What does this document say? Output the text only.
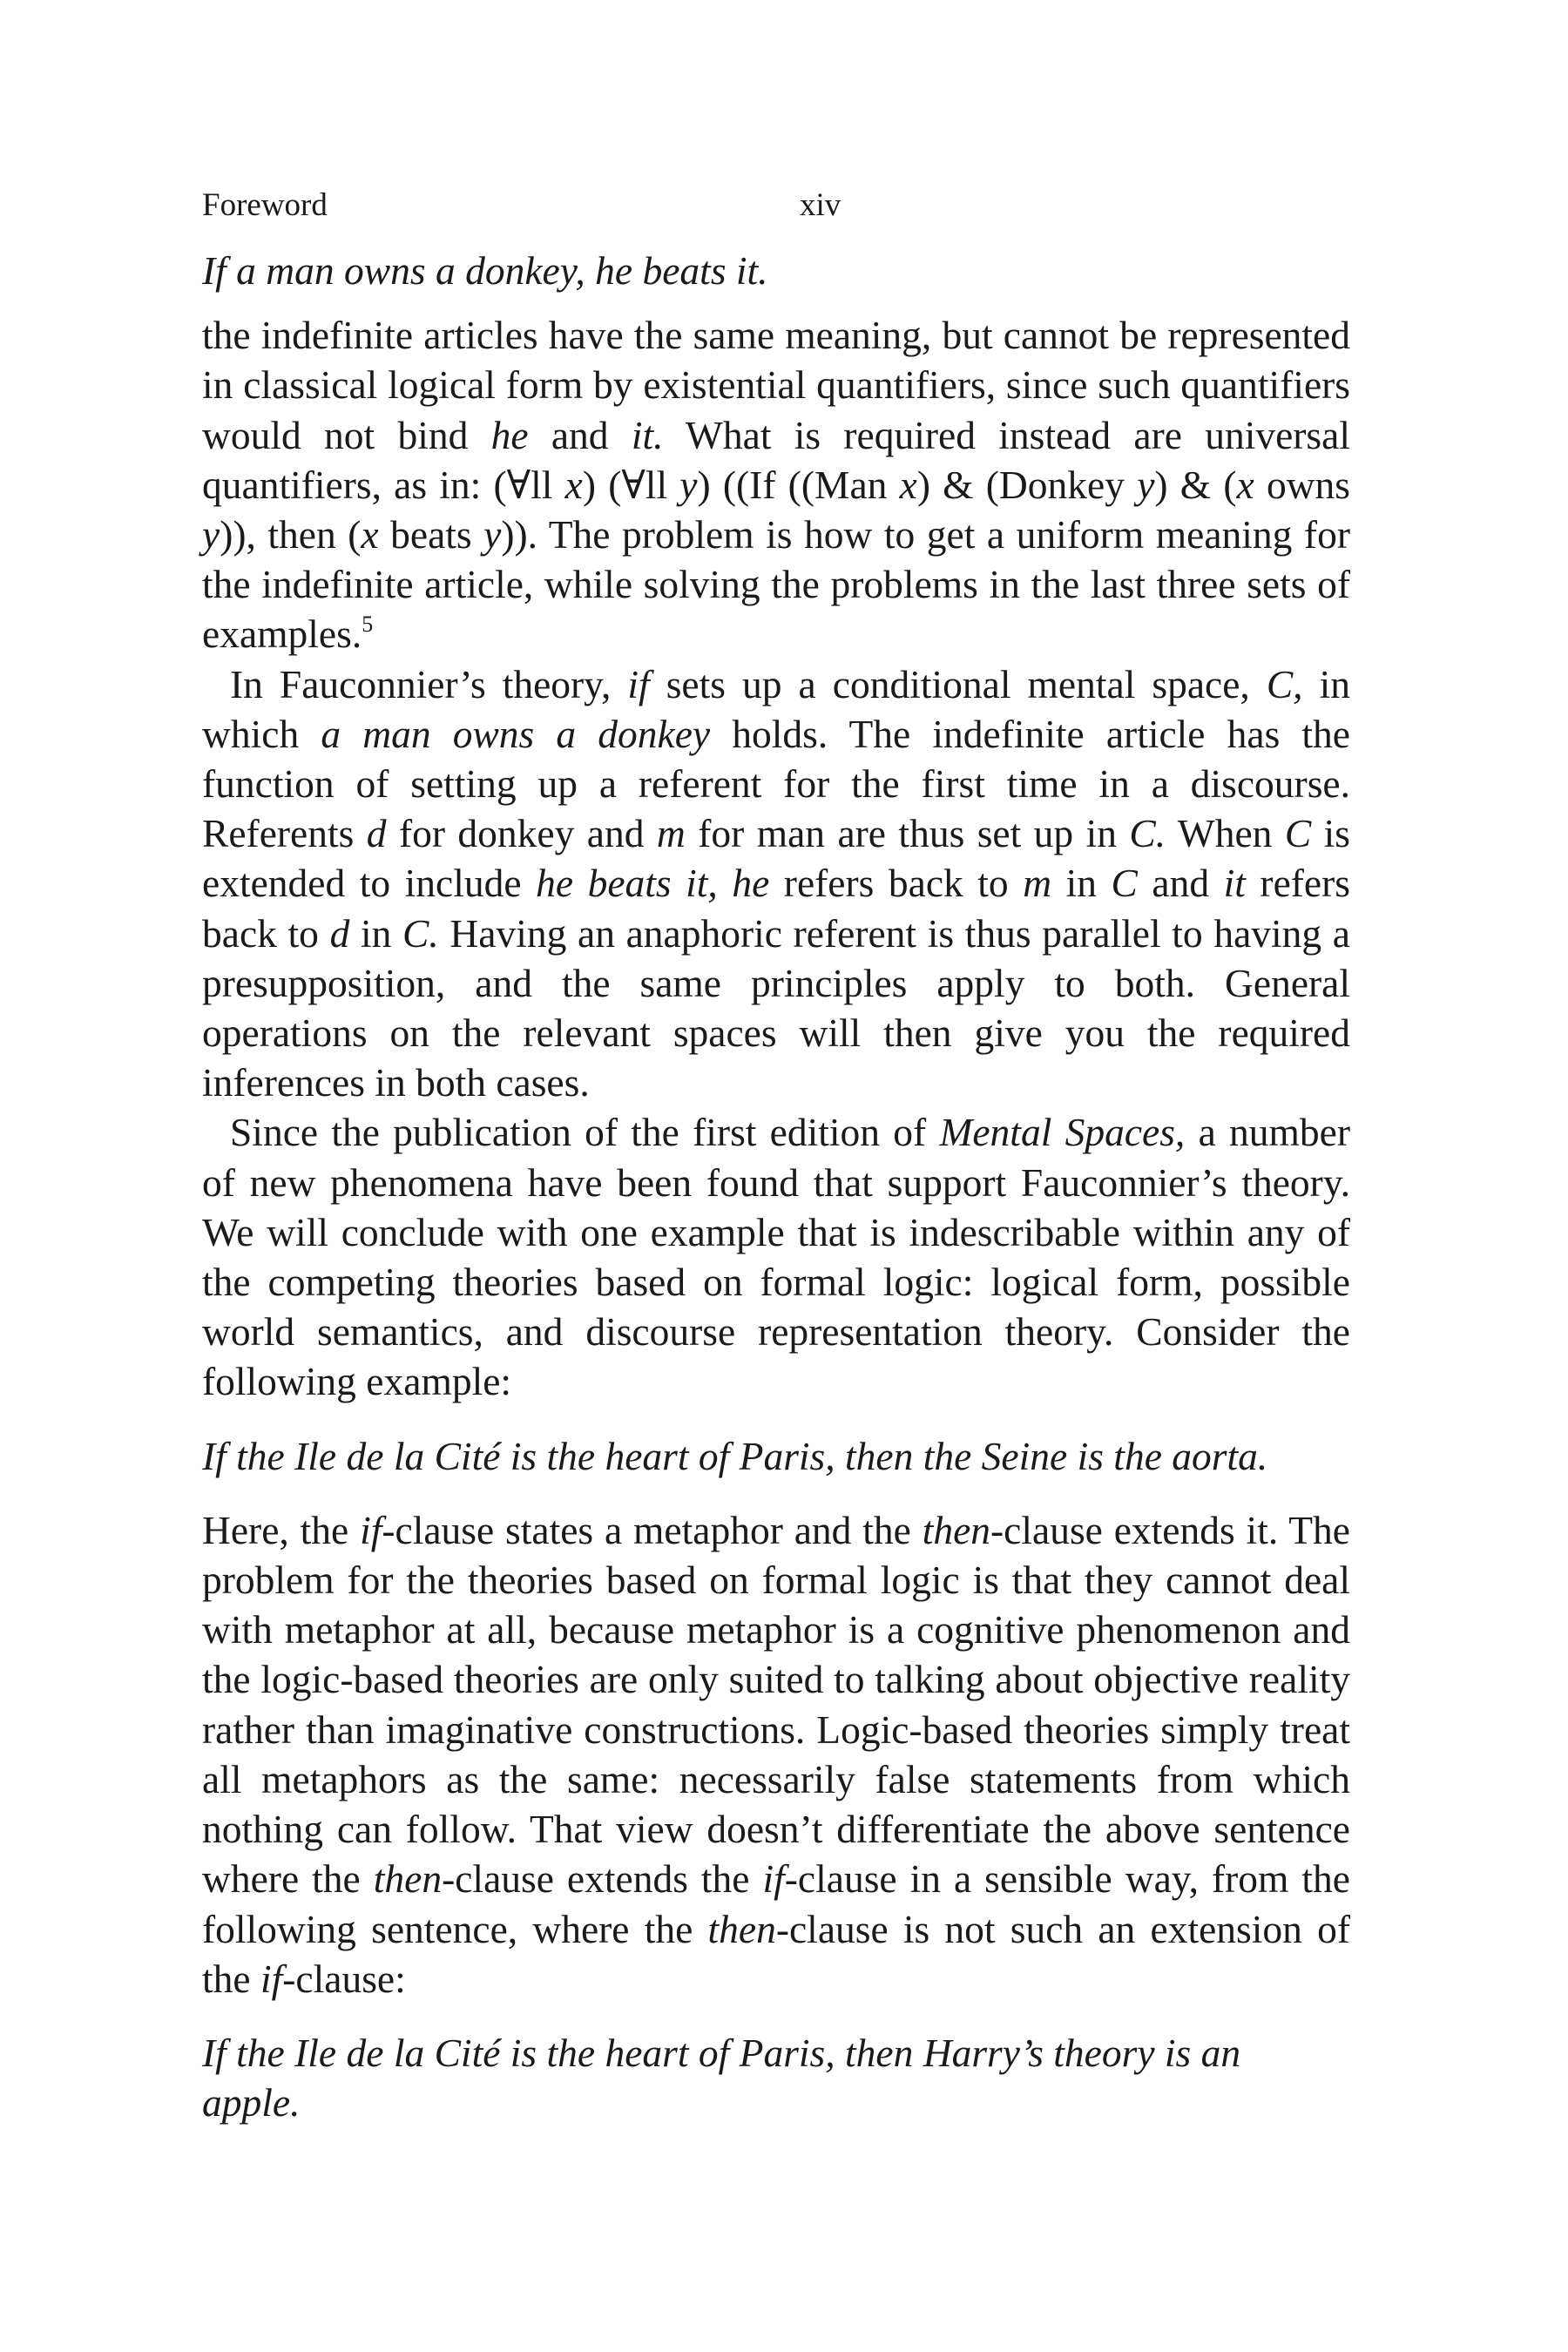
Foreword	xiv

If a man owns a donkey, he beats it.

the indefinite articles have the same meaning, but cannot be represented in classical logical form by existential quantifiers, since such quantifiers would not bind he and it. What is required instead are universal quantifiers, as in: (∀ll x) (∀ll y) ((If ((Man x) & (Donkey y) & (x owns y)), then (x beats y)). The problem is how to get a uniform meaning for the indefinite article, while solving the problems in the last three sets of examples.$^5$

In Fauconnier’s theory, if sets up a conditional mental space, C, in which a man owns a donkey holds. The indefinite article has the function of setting up a referent for the first time in a discourse. Referents d for donkey and m for man are thus set up in C. When C is extended to include he beats it, he refers back to m in C and it refers back to d in C. Having an anaphoric referent is thus parallel to having a presupposition, and the same principles apply to both. General operations on the relevant spaces will then give you the required inferences in both cases.

Since the publication of the first edition of Mental Spaces, a number of new phenomena have been found that support Fauconnier’s theory. We will conclude with one example that is indescribable within any of the competing theories based on formal logic: logical form, possible world semantics, and discourse representation theory. Consider the following example:

If the Ile de la Cité is the heart of Paris, then the Seine is the aorta.

Here, the if-clause states a metaphor and the then-clause extends it. The problem for the theories based on formal logic is that they cannot deal with metaphor at all, because metaphor is a cognitive phenomenon and the logic-based theories are only suited to talking about objective reality rather than imaginative constructions. Logic-based theories simply treat all metaphors as the same: necessarily false statements from which nothing can follow. That view doesn’t differentiate the above sentence where the then-clause extends the if-clause in a sensible way, from the following sentence, where the then-clause is not such an extension of the if-clause:

If the Ile de la Cité is the heart of Paris, then Harry’s theory is an apple.
